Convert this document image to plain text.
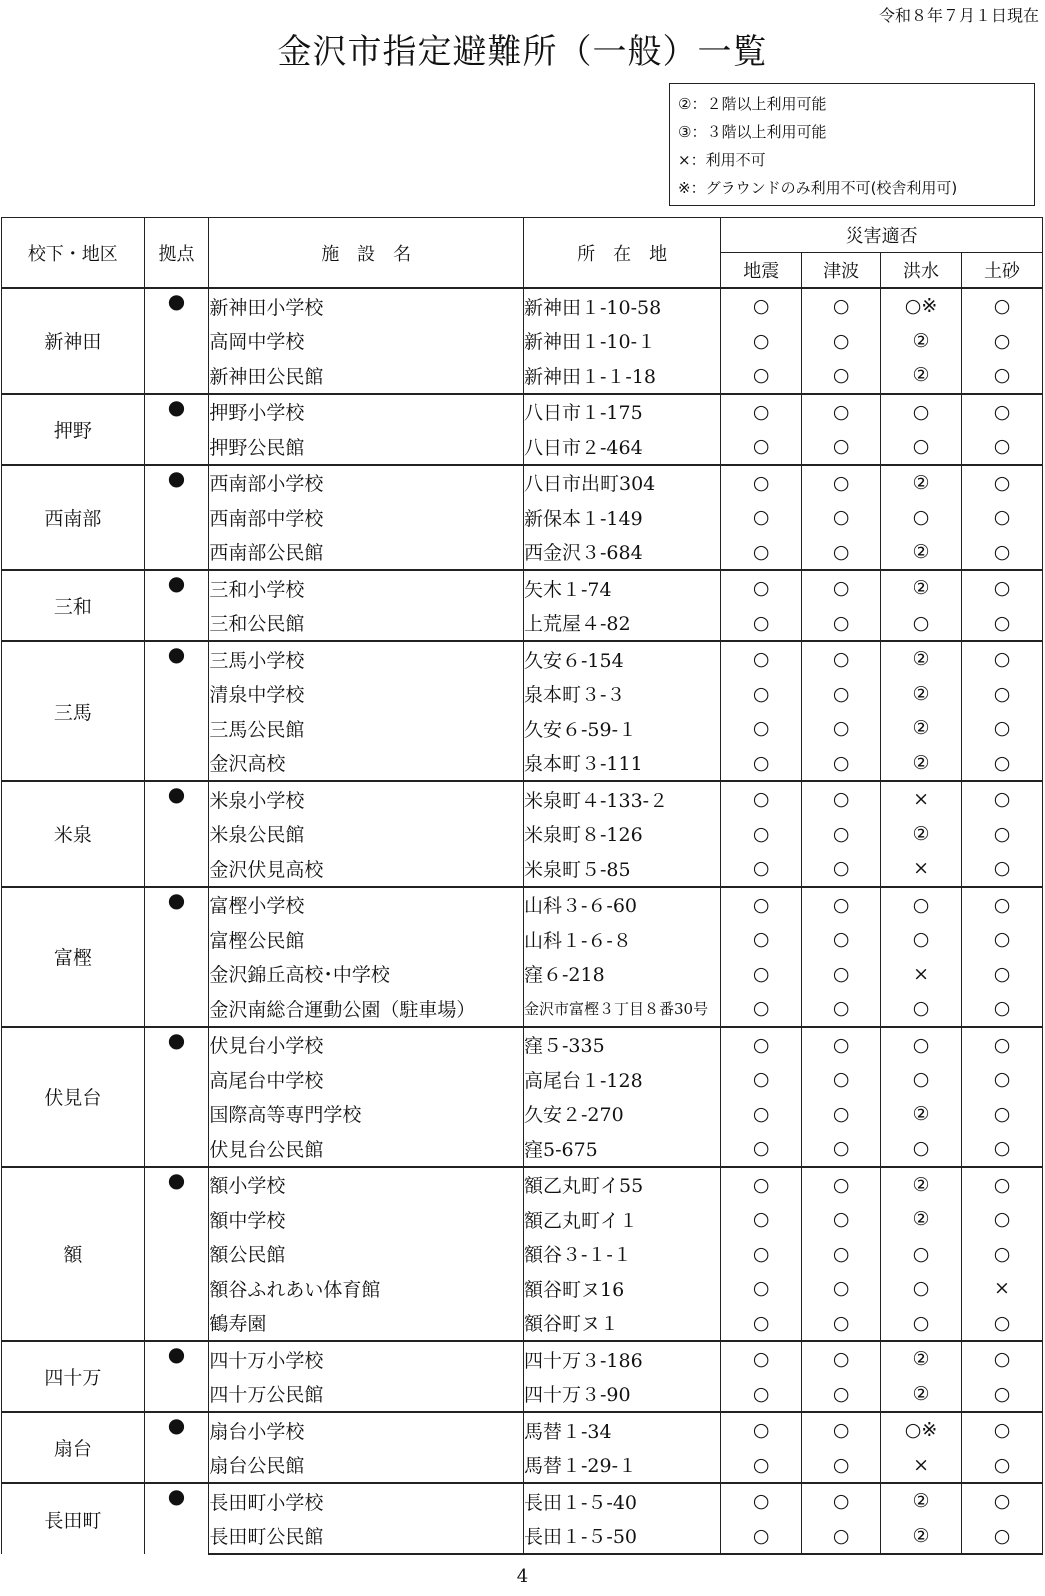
令和８年７月１日現在
金沢市指定避難所（一般）一覧
②：２階以上利用可能
③：３階以上利用可能
×：利用不可
※：グラウンドのみ利用不可(校舎利用可)
校下・地区	拠点	施　設　名	所　在　地	災害適否			
				地震	津波	洪水	土砂
新神田	●	新神田小学校	新神田１-10-58	○	○	○※	○
		高岡中学校	新神田１-10-１	○	○	②	○
		新神田公民館	新神田１-１-18	○	○	②	○
押野	●	押野小学校	八日市１-175	○	○	○	○
		押野公民館	八日市２-464	○	○	○	○
西南部	●	西南部小学校	八日市出町304	○	○	②	○
		西南部中学校	新保本１-149	○	○	○	○
		西南部公民館	西金沢３-684	○	○	②	○
三和	●	三和小学校	矢木１-74	○	○	②	○
		三和公民館	上荒屋４-82	○	○	○	○
三馬	●	三馬小学校	久安６-154	○	○	②	○
		清泉中学校	泉本町３-３	○	○	②	○
		三馬公民館	久安６-59-１	○	○	②	○
		金沢高校	泉本町３-111	○	○	②	○
米泉	●	米泉小学校	米泉町４-133-２	○	○	×	○
		米泉公民館	米泉町８-126	○	○	②	○
		金沢伏見高校	米泉町５-85	○	○	×	○
富樫	●	富樫小学校	山科３-６-60	○	○	○	○
		富樫公民館	山科１-６-８	○	○	○	○
		金沢錦丘高校･中学校	窪６-218	○	○	×	○
		金沢南総合運動公園（駐車場）	金沢市富樫３丁目８番30号	○	○	○	○
伏見台	●	伏見台小学校	窪５-335	○	○	○	○
		高尾台中学校	高尾台１-128	○	○	○	○
		国際高等専門学校	久安２-270	○	○	②	○
		伏見台公民館	窪5-675	○	○	○	○
額	●	額小学校	額乙丸町イ55	○	○	②	○
		額中学校	額乙丸町イ１	○	○	②	○
		額公民館	額谷３-１-１	○	○	○	○
		額谷ふれあい体育館	額谷町ヌ16	○	○	○	×
		鶴寿園	額谷町ヌ１	○	○	○	○
四十万	●	四十万小学校	四十万３-186	○	○	②	○
		四十万公民館	四十万３-90	○	○	②	○
扇台	●	扇台小学校	馬替１-34	○	○	○※	○
		扇台公民館	馬替１-29-１	○	○	×	○
長田町	●	長田町小学校	長田１-５-40	○	○	②	○
		長田町公民館	長田１-５-50	○	○	②	○
4
